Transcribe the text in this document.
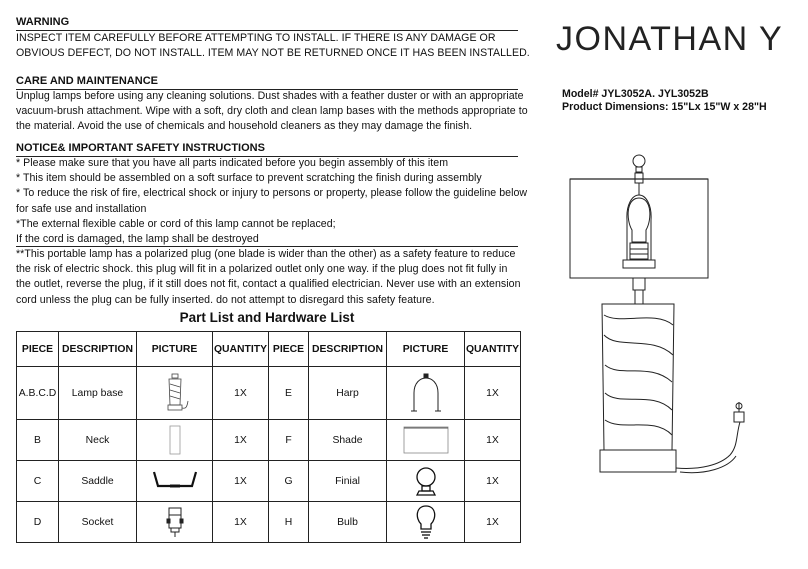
WARNING
INSPECT ITEM CAREFULLY BEFORE ATTEMPTING TO INSTALL. IF THERE IS ANY DAMAGE OR
OBVIOUS DEFECT, DO NOT INSTALL. ITEM MAY NOT BE RETURNED ONCE IT HAS BEEN INSTALLED.
CARE AND MAINTENANCE
Unplug lamps before using any cleaning solutions. Dust shades with a feather duster or with an appropriate
vacuum-brush attachment. Wipe with a soft, dry cloth and clean lamp bases with the methods appropriate to
the material. Avoid the use of chemicals and household cleaners as they may damage the finish.
NOTICE& IMPORTANT SAFETY INSTRUCTIONS
* Please make sure that you have all parts indicated before you begin assembly of this item
* This item should be assembled on a soft surface to prevent scratching the finish during assembly
* To reduce the risk of fire, electrical shock or injury to persons or property, please follow the guideline below
for safe use and installation
*The external flexible cable or cord of this lamp cannot be replaced;
If the cord is damaged, the lamp shall be destroyed
**This portable lamp has a polarized plug (one blade is wider than the other) as a safety feature to reduce
the risk of electric shock. this plug will fit in a polarized outlet only one way. if the plug does not fit fully in
the outlet, reverse the plug, if it still does not fit, contact a qualified electrician. Never use with an extension
cord unless the plug can be fully inserted. do not attempt to disregard this safety feature.
JONATHAN Y
Model# JYL3052A. JYL3052B
Product Dimensions: 15"Lx 15"W x 28"H
Part List and Hardware List
PIECE	DESCRIPTION	PICTURE	QUANTITY	PIECE	DESCRIPTION	PICTURE	QUANTITY
A.B.C.D	Lamp base		1X	E	Harp		1X
B	Neck		1X	F	Shade		1X
C	Saddle		1X	G	Finial		1X
D	Socket		1X	H	Bulb		1X
